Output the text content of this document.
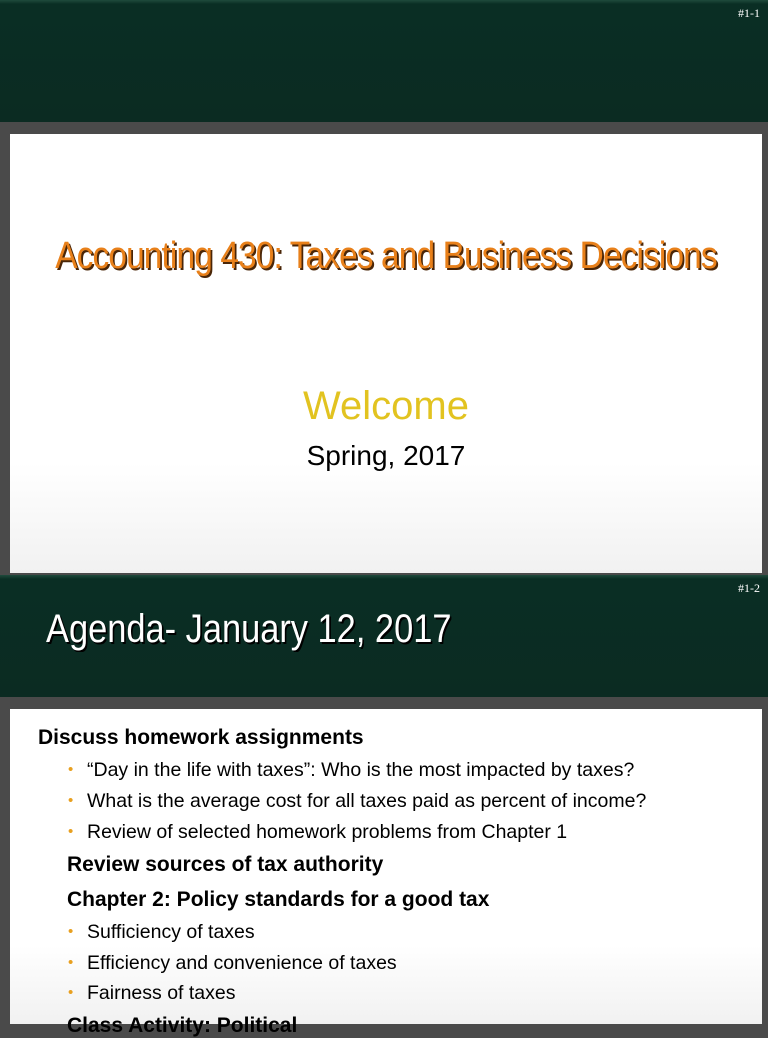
#1-1
Accounting 430: Taxes and Business Decisions
Welcome
Spring, 2017
#1-2
Agenda- January 12, 2017
Discuss homework assignments
• “Day in the life with taxes”: Who is the most impacted by taxes?
• What is the average cost for all taxes paid as percent of income?
• Review of selected homework problems from Chapter 1
Review sources of tax authority
Chapter 2: Policy standards for a good tax
• Sufficiency of taxes
• Efficiency and convenience of taxes
• Fairness of taxes
Class Activity: Political
